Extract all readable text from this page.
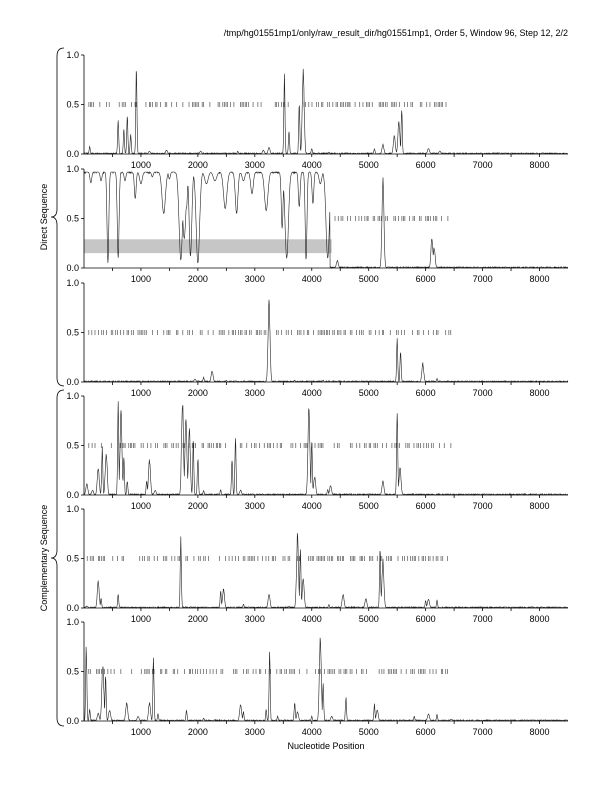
/tmp/hg01551mp1/only/raw_result_dir/hg01551mp1, Order 5, Window 96, Step 12, 2/2
0.0
0.5
1.0
1000	2000	3000	4000	5000	6000	7000	8000
0.0
0.5
1.0
1000	2000	3000	4000	5000	6000	7000	8000
0.0
0.5
1.0
1000	2000	3000	4000	5000	6000	7000	8000
0.0
0.5
1.0
1000	2000	3000	4000	5000	6000	7000	8000
0.0
0.5
1.0
1000	2000	3000	4000	5000	6000	7000	8000
0.0
0.5
1.0
1000	2000	3000	4000	5000	6000	7000	8000
Direct Sequence
Complementary Sequence
Nucleotide Position
